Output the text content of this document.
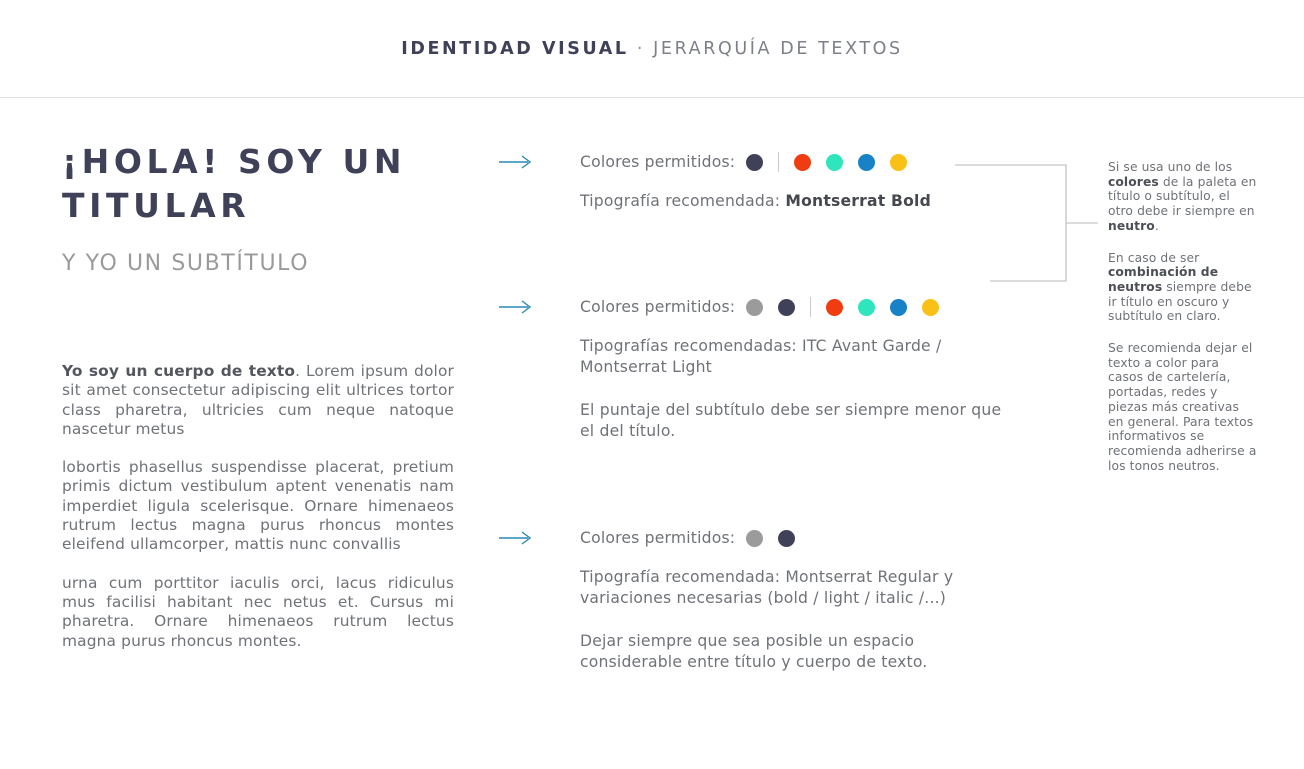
IDENTIDAD VISUAL · JERARQUÍA DE TEXTOS
¡HOLA! SOY UN TITULAR
Y YO UN SUBTÍTULO

Yo soy un cuerpo de texto. Lorem ipsum dolor sit amet consectetur adipiscing elit ultrices tortor class pharetra, ultricies cum neque natoque nascetur metus

lobortis phasellus suspendisse placerat, pretium primis dictum vestibulum aptent venenatis nam imperdiet ligula scelerisque. Ornare himenaeos rutrum lectus magna purus rhoncus montes eleifend ullamcorper, mattis nunc convallis

urna cum porttitor iaculis orci, lacus ridiculus mus facilisi habitant nec netus et. Cursus mi pharetra. Ornare himenaeos rutrum lectus magna purus rhoncus montes.

Colores permitidos:

Tipografía recomendada: Montserrat Bold

Colores permitidos:

Tipografías recomendadas: ITC Avant Garde / Montserrat Light

El puntaje del subtítulo debe ser siempre menor que el del título.

Colores permitidos:

Tipografía recomendada: Montserrat Regular y variaciones necesarias (bold / light / italic /...)

Dejar siempre que sea posible un espacio considerable entre título y cuerpo de texto.

Si se usa uno de los colores de la paleta en título o subtítulo, el otro debe ir siempre en neutro.

En caso de ser combinación de neutros siempre debe ir título en oscuro y subtítulo en claro.

Se recomienda dejar el texto a color para casos de cartelería, portadas, redes y piezas más creativas en general. Para textos informativos se recomienda adherirse a los tonos neutros.
